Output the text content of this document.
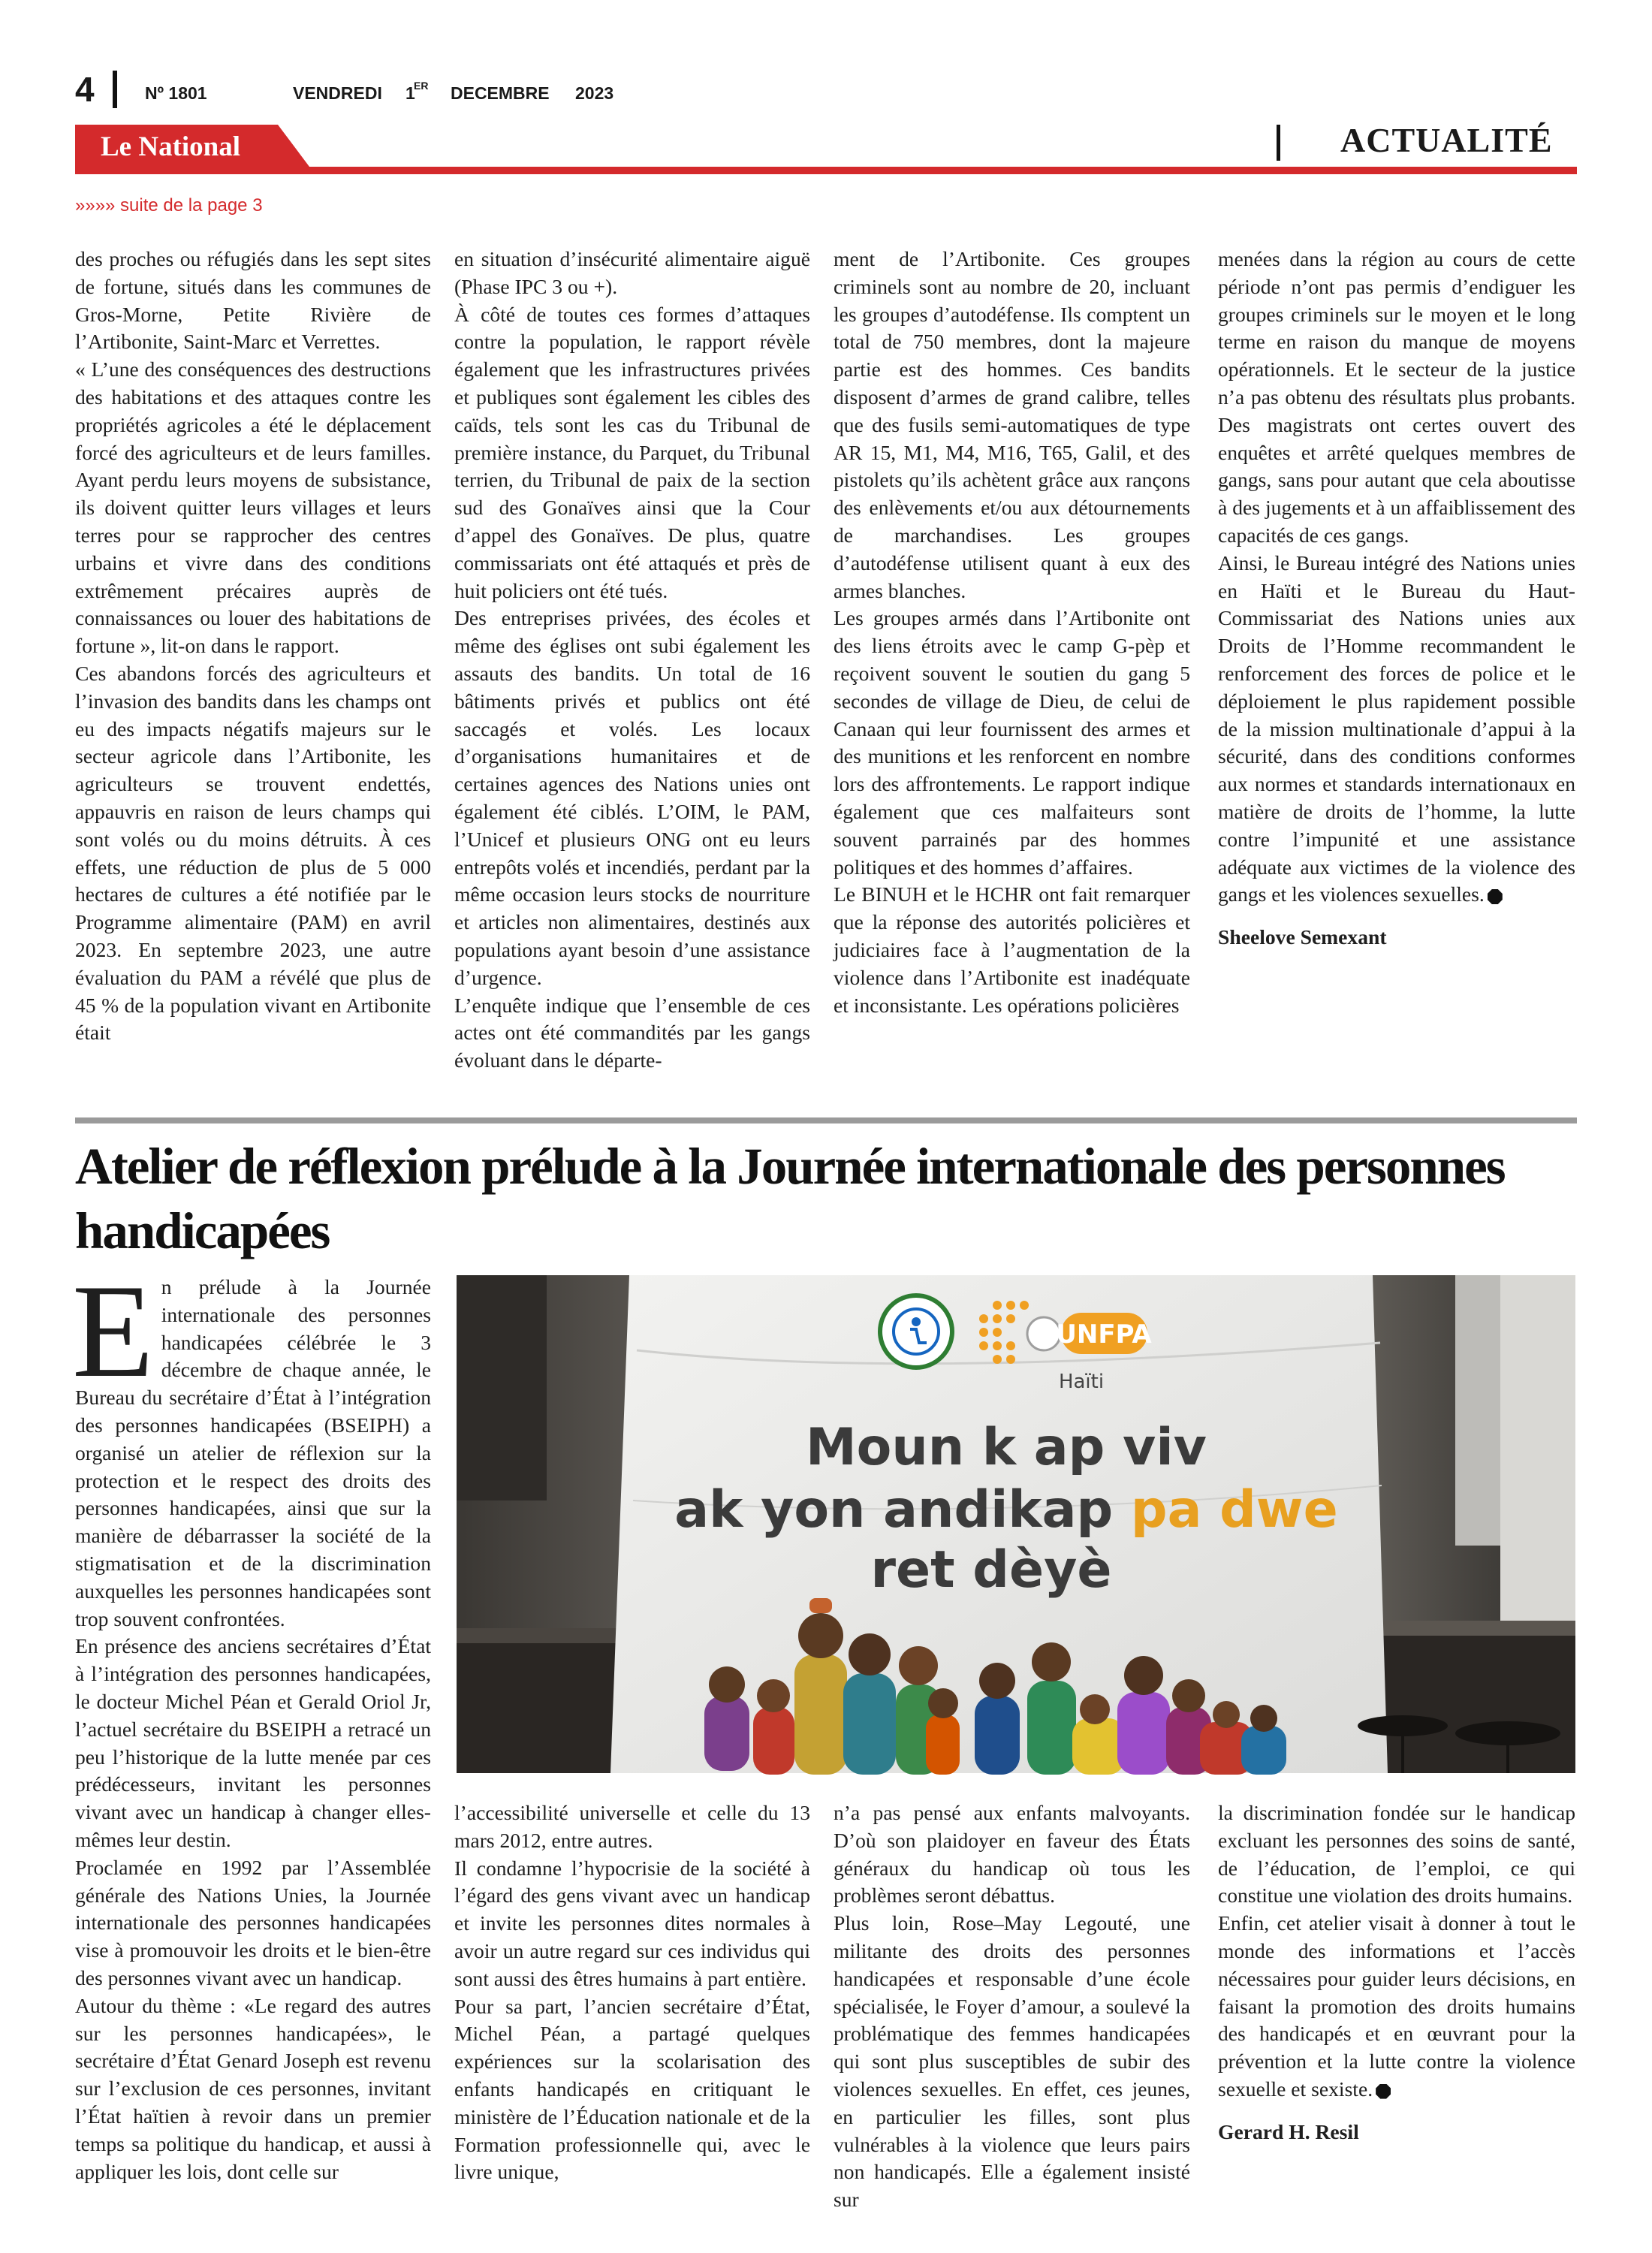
4	Nº 1801	VENDREDI 1
ER DECEMBRE 2023
Le National	ACTUALITÉ
»»»» suite de la page 3

des proches ou réfugiés dans les sept sites de fortune, situés dans les communes de Gros-Morne, Petite Rivière de l’Artibonite, Saint-Marc et Verrettes.

« L’une des conséquences des destructions des habitations et des attaques contre les propriétés agricoles a été le déplacement forcé des agriculteurs et de leurs familles. Ayant perdu leurs moyens de subsistance, ils doivent quitter leurs villages et leurs terres pour se rapprocher des centres urbains et vivre dans des conditions extrêmement précaires auprès de connaissances ou louer des habitations de fortune », lit-on dans le rapport.

Ces abandons forcés des agriculteurs et l’invasion des bandits dans les champs ont eu des impacts négatifs majeurs sur le secteur agricole dans l’Artibonite, les agriculteurs se trouvent endettés, appauvris en raison de leurs champs qui sont volés ou du moins détruits. À ces effets, une réduction de plus de 5 000 hectares de cultures a été notifiée par le Programme alimentaire (PAM) en avril 2023. En septembre 2023, une autre évaluation du PAM a révélé que plus de 45 % de la population vivant en Artibonite était

en situation d’insécurité alimentaire aiguë (Phase IPC 3 ou +).

À côté de toutes ces formes d’attaques contre la population, le rapport révèle également que les infrastructures privées et publiques sont également les cibles des caïds, tels sont les cas du Tribunal de première instance, du Parquet, du Tribunal terrien, du Tribunal de paix de la section sud des Gonaïves ainsi que la Cour d’appel des Gonaïves. De plus, quatre commissariats ont été attaqués et près de huit policiers ont été tués.

Des entreprises privées, des écoles et même des églises ont subi également les assauts des bandits. Un total de 16 bâtiments privés et publics ont été saccagés et volés. Les locaux d’organisations humanitaires et de certaines agences des Nations unies ont également été ciblés. L’OIM, le PAM, l’Unicef et plusieurs ONG ont eu leurs entrepôts volés et incendiés, perdant par la même occasion leurs stocks de nourriture et articles non alimentaires, destinés aux populations ayant besoin d’une assistance d’urgence.

L’enquête indique que l’ensemble de ces actes ont été commandités par les gangs évoluant dans le départe-

ment de l’Artibonite. Ces groupes criminels sont au nombre de 20, incluant les groupes d’autodéfense. Ils comptent un total de 750 membres, dont la majeure partie est des hommes. Ces bandits disposent d’armes de grand calibre, telles que des fusils semi-automatiques de type AR 15, M1, M4, M16, T65, Galil, et des pistolets qu’ils achètent grâce aux rançons des enlèvements et/ou aux détournements de marchandises. Les groupes d’autodéfense utilisent quant à eux des armes blanches.

Les groupes armés dans l’Artibonite ont des liens étroits avec le camp G-pèp et reçoivent souvent le soutien du gang 5 secondes de village de Dieu, de celui de Canaan qui leur fournissent des armes et des munitions et les renforcent en nombre lors des affrontements. Le rapport indique également que ces malfaiteurs sont souvent parrainés par des hommes politiques et des hommes d’affaires.

Le BINUH et le HCHR ont fait remarquer que la réponse des autorités policières et judiciaires face à l’augmentation de la violence dans l’Artibonite est inadéquate et inconsistante. Les opérations policières

menées dans la région au cours de cette période n’ont pas permis d’endiguer les groupes criminels sur le moyen et le long terme en raison du manque de moyens opérationnels. Et le secteur de la justice n’a pas obtenu des résultats plus probants. Des magistrats ont certes ouvert des enquêtes et arrêté quelques membres de gangs, sans pour autant que cela aboutisse à des jugements et à un affaiblissement des capacités de ces gangs.

Ainsi, le Bureau intégré des Nations unies en Haïti et le Bureau du Haut-Commissariat des Nations unies aux Droits de l’Homme recommandent le renforcement des forces de police et le déploiement le plus rapidement possible de la mission multinationale d’appui à la sécurité, dans des conditions conformes aux normes et standards internationaux en matière de droits de l’homme, la lutte contre l’impunité et une assistance adéquate aux victimes de la violence des gangs et les violences sexuelles.

Sheelove Semexant

Atelier de réflexion prélude à la Journée internationale des personnes handicapées

En prélude à la Journée internationale des personnes handicapées célébrée le 3 décembre de chaque année, le Bureau du secrétaire d’État à l’intégration des personnes handicapées (BSEIPH) a organisé un atelier de réflexion sur la protection et le respect des droits des personnes handicapées, ainsi que sur la manière de débarrasser la société de la stigmatisation et de la discrimination auxquelles les personnes handicapées sont trop souvent confrontées.

En présence des anciens secrétaires d’État à l’intégration des personnes handicapées, le docteur Michel Péan et Gerald Oriol Jr, l’actuel secrétaire du BSEIPH a retracé un peu l’historique de la lutte menée par ces prédécesseurs, invitant les personnes vivant avec un handicap à changer elles-mêmes leur destin.

Proclamée en 1992 par l’Assemblée générale des Nations Unies, la Journée internationale des personnes handicapées vise à promouvoir les droits et le bien-être des personnes vivant avec un handicap.

Autour du thème : «Le regard des autres sur les personnes handicapées», le secrétaire d’État Genard Joseph est revenu sur l’exclusion de ces personnes, invitant l’État haïtien à revoir dans un premier temps sa politique du handicap, et aussi à appliquer les lois, dont celle sur

UNFPA
Haïti
Moun k ap viv
ak yon andikap pa dwe
ret dèyè

l’accessibilité universelle et celle du 13 mars 2012, entre autres.

Il condamne l’hypocrisie de la société à l’égard des gens vivant avec un handicap et invite les personnes dites normales à avoir un autre regard sur ces individus qui sont aussi des êtres humains à part entière.

Pour sa part, l’ancien secrétaire d’État, Michel Péan, a partagé quelques expériences sur la scolarisation des enfants handicapés en critiquant le ministère de l’Éducation nationale et de la Formation professionnelle qui, avec le livre unique,

n’a pas pensé aux enfants malvoyants. D’où son plaidoyer en faveur des États généraux du handicap où tous les problèmes seront débattus.

Plus loin, Rose–May Legouté, une militante des droits des personnes handicapées et responsable d’une école spécialisée, le Foyer d’amour, a soulevé la problématique des femmes handicapées qui sont plus susceptibles de subir des violences sexuelles. En effet, ces jeunes, en particulier les filles, sont plus vulnérables à la violence que leurs pairs non handicapés. Elle a également insisté sur

la discrimination fondée sur le handicap excluant les personnes des soins de santé, de l’éducation, de l’emploi, ce qui constitue une violation des droits humains.

Enfin, cet atelier visait à donner à tout le monde des informations et l’accès nécessaires pour guider leurs décisions, en faisant la promotion des droits humains des handicapés et en œuvrant pour la prévention et la lutte contre la violence sexuelle et sexiste.

Gerard H. Resil
